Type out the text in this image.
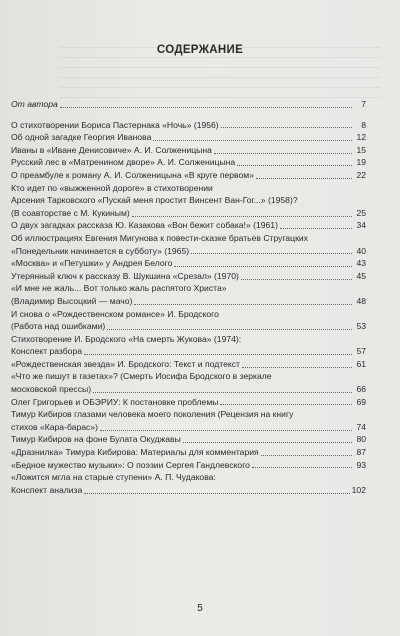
СОДЕРЖАНИЕ
От автора	7
О стихотворении Бориса Пастернака «Ночь» (1956)	8
Об одной загадке Георгия Иванова	12
Иваны в «Иване Денисовиче» А. И. Солженицына	15
Русский лес в «Матренином дворе» А. И. Солженицына	19
О преамбуле к роману А. И. Солженицына «В круге первом»	22
Кто идет по «выжженной дороге» в стихотворении
Арсения Тарковского «Пускай меня простит Винсент Ван-Гог...» (1958)?
(В соавторстве с М. Кукиным)	25
О двух загадках рассказа Ю. Казакова «Вон бежит собака!» (1961)	34
Об иллюстрациях Евгения Мигунова к повести-сказке братьев Стругацких
«Понедельник начинается в субботу» (1965)	40
«Москва» и «Петушки» у Андрея Белого	43
Утерянный ключ к рассказу В. Шукшина «Срезал» (1970)	45
«И мне не жаль... Вот только жаль распятого Христа»
(Владимир Высоцкий — мачо)	48
И снова о «Рождественском романсе» И. Бродского
(Работа над ошибками)	53
Стихотворение И. Бродского «На смерть Жукова» (1974):
Конспект разбора	57
«Рождественская звезда» И. Бродского: Текст и подтекст	61
«Что же пишут в газетах»? (Смерть Иосифа Бродского в зеркале
московской прессы)	66
Олег Григорьев и ОБЭРИУ: К постановке проблемы	69
Тимур Кибиров глазами человека моего поколения (Рецензия на книгу
стихов «Кара-барас»)	74
Тимур Кибиров на фоне Булата Окуджавы	80
«Дразнилка» Тимура Кибирова: Материалы для комментария	87
«Бедное мужество музыки»: О поэзии Сергея Гандлевского	93
«Ложится мгла на старые ступени» А. П. Чудакова:
Конспект анализа	102
5
